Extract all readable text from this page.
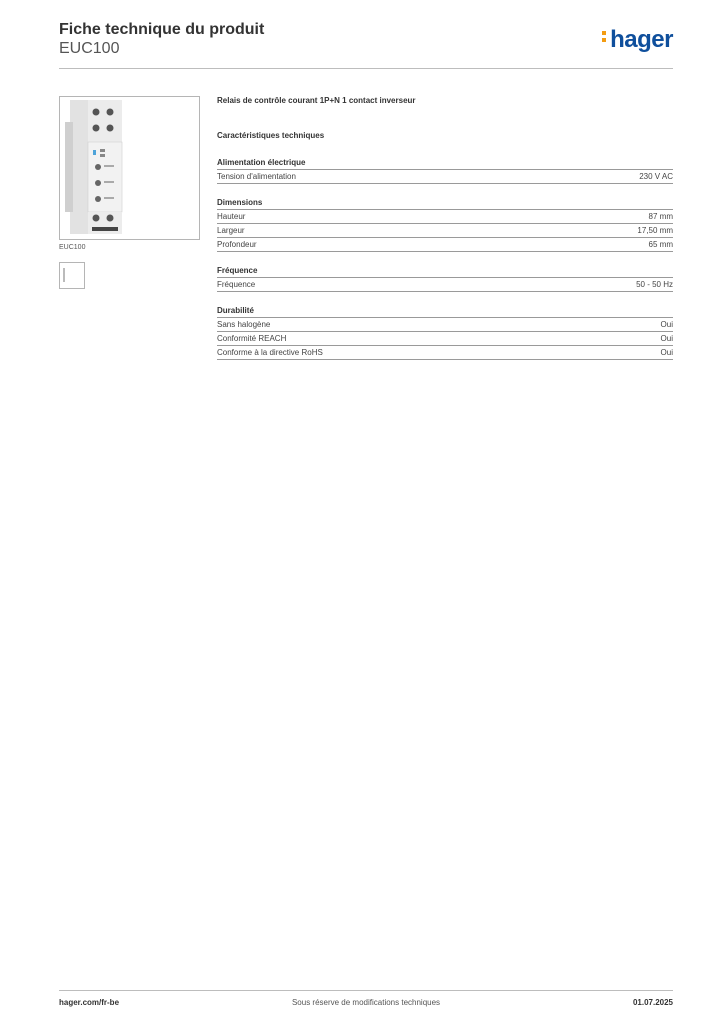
Fiche technique du produit
EUC100	hager
EUC100
Relais de contrôle courant 1P+N 1 contact inverseur
Caractéristiques techniques
Alimentation électrique
Tension d'alimentation	230 V AC
Dimensions
Hauteur	87 mm
Largeur	17,50 mm
Profondeur	65 mm
Fréquence
Fréquence	50 - 50 Hz
Durabilité
Sans halogène	Oui
Conformité REACH	Oui
Conforme à la directive RoHS	Oui
hager.com/fr-be	Sous réserve de modifications techniques	01.07.2025
